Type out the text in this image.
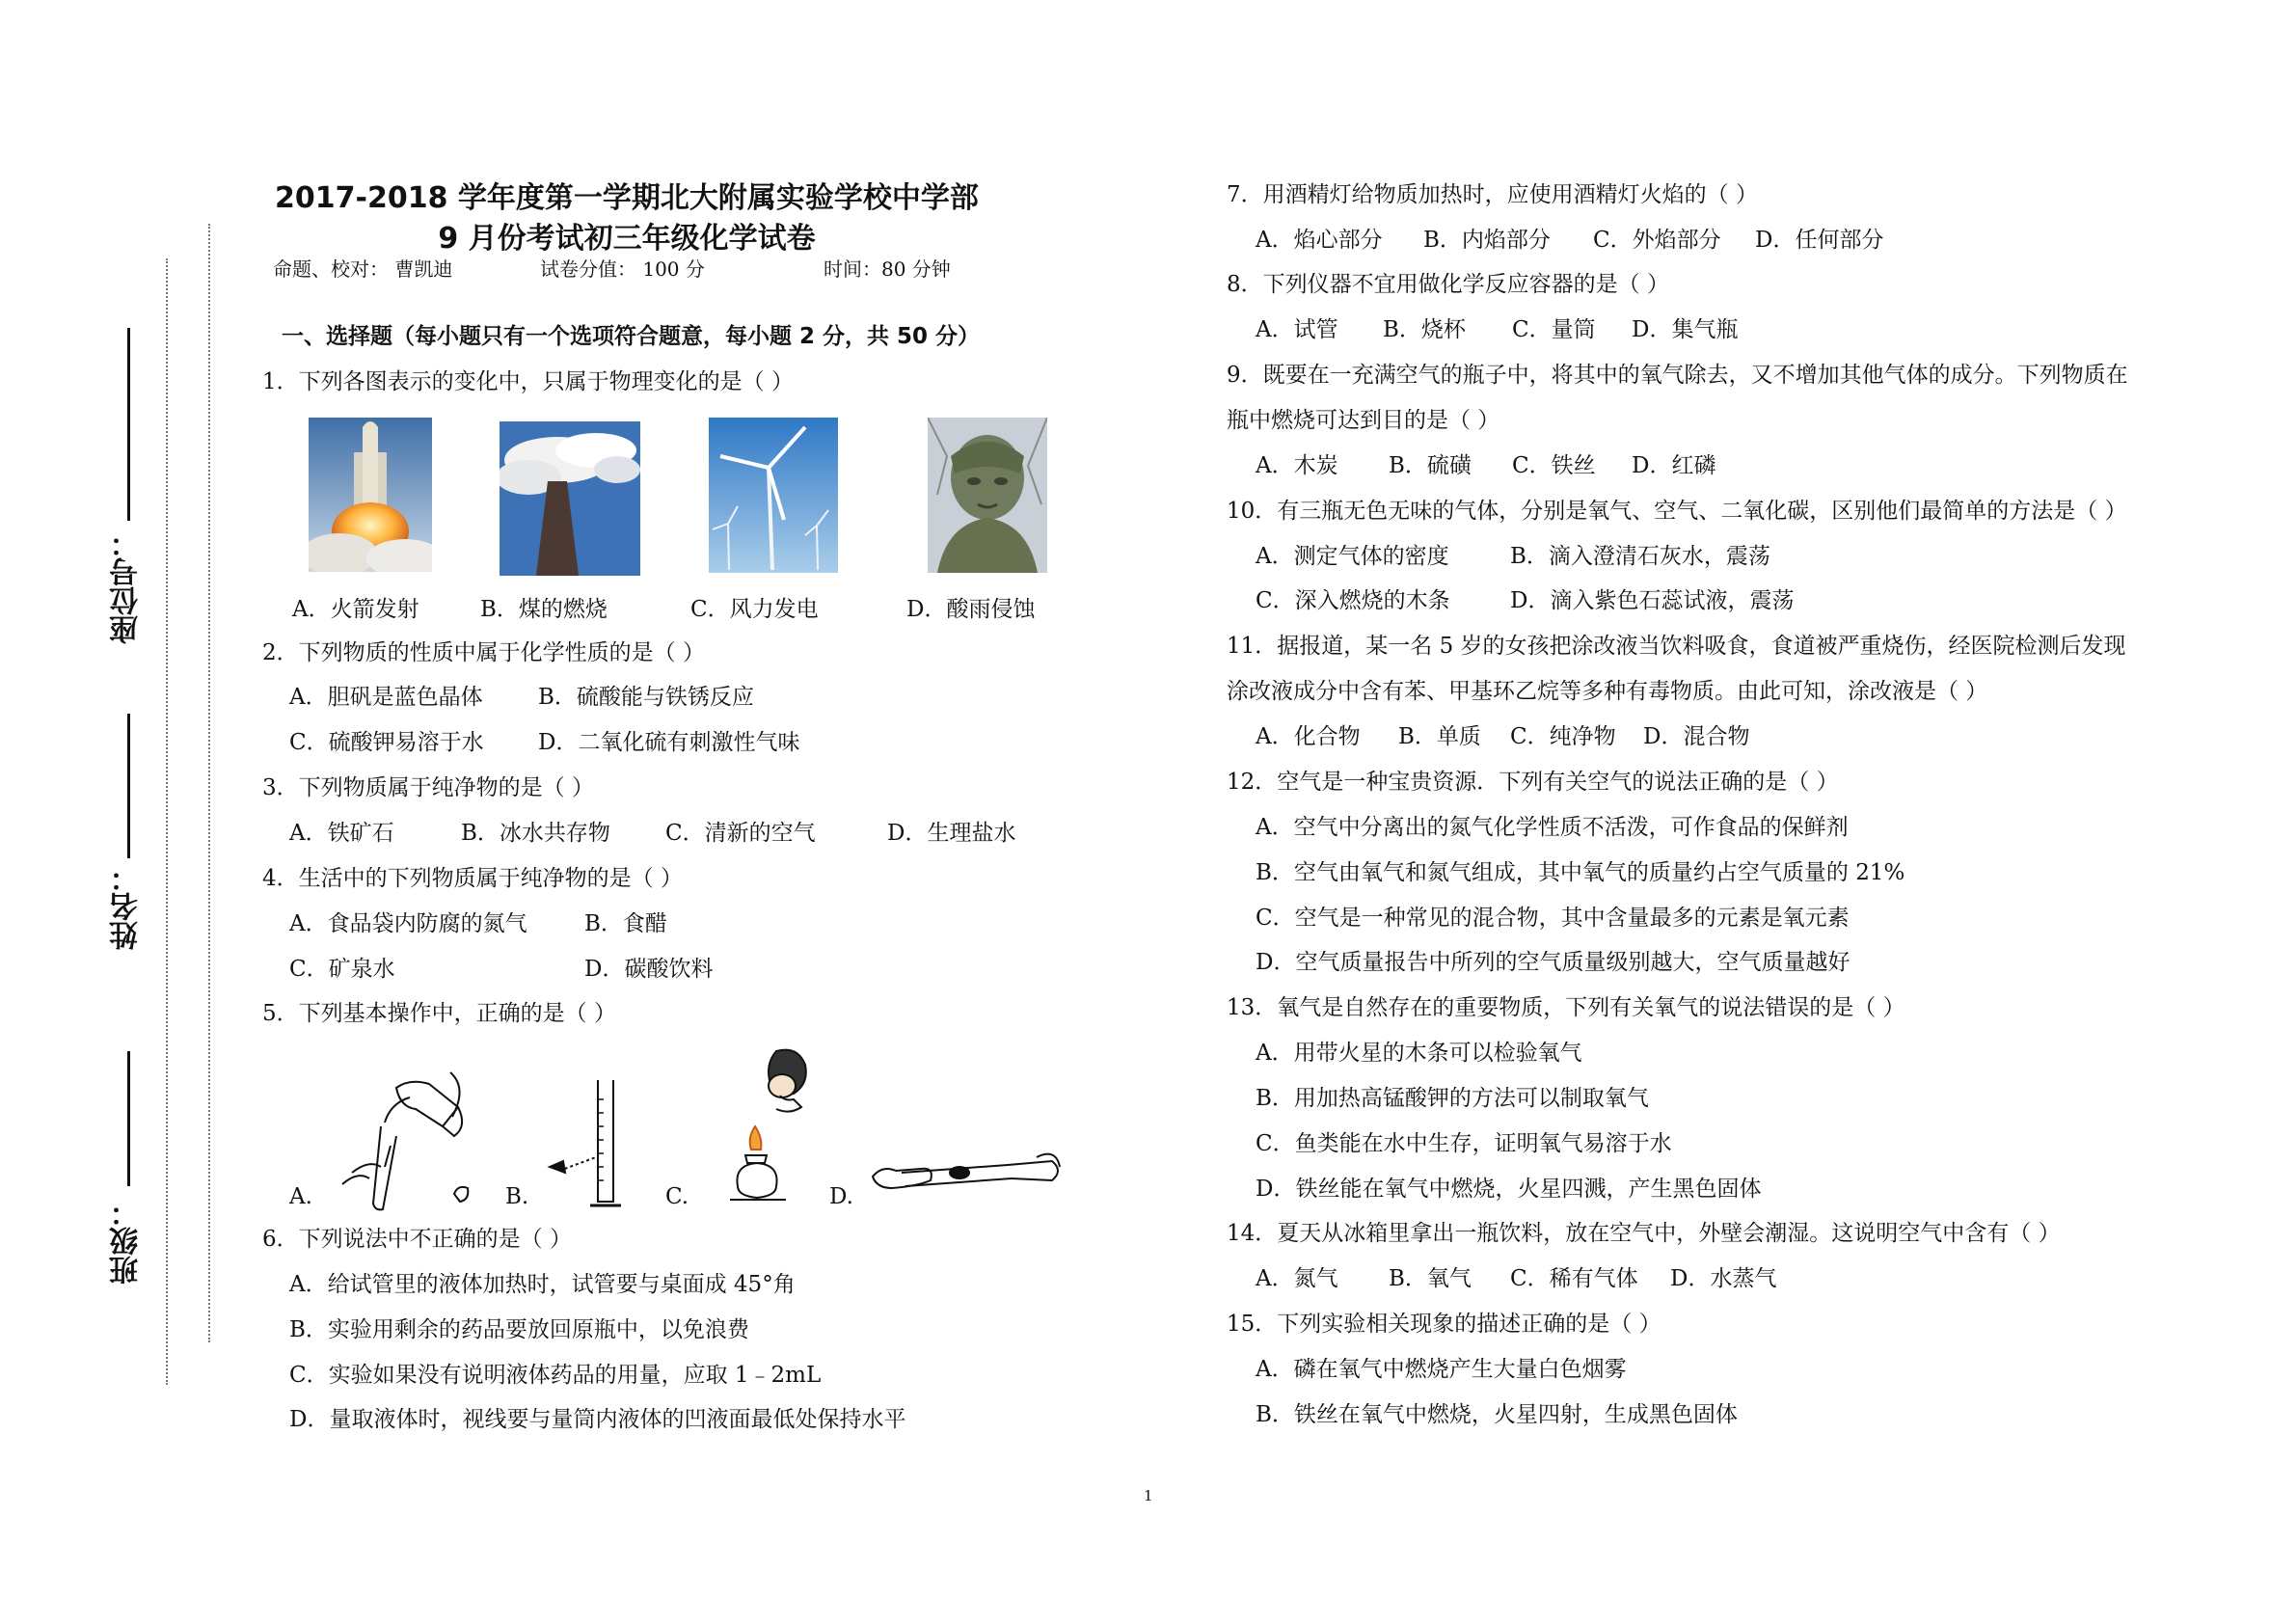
座位号：
姓名：
班级：
2017-2018 学年度第一学期北大附属实验学校中学部
9 月份考试初三年级化学试卷
命题、校对： 曹凯迪	试卷分值： 100 分	时间：80 分钟
一、选择题（每小题只有一个选项符合题意，每小题 2 分，共 50 分）
1．下列各图表示的变化中，只属于物理变化的是（ ）
A．火箭发射	B．煤的燃烧	C．风力发电	D．酸雨侵蚀
2．下列物质的性质中属于化学性质的是（ ）
A．胆矾是蓝色晶体 B．硫酸能与铁锈反应
C．硫酸钾易溶于水 D．二氧化硫有刺激性气味
3．下列物质属于纯净物的是（ ）
A．铁矿石	B．冰水共存物 C．清新的空气	D．生理盐水
4．生活中的下列物质属于纯净物的是（ ）
A．食品袋内防腐的氮气	B．食醋
C．矿泉水	D．碳酸饮料
5．下列基本操作中，正确的是（ ）
A.	B.	C.	D.
6．下列说法中不正确的是（ ）
A．给试管里的液体加热时，试管要与桌面成 45°角
B．实验用剩余的药品要放回原瓶中，以免浪费
C．实验如果没有说明液体药品的用量，应取 1﹣2mL
D．量取液体时，视线要与量筒内液体的凹液面最低处保持水平
7．用酒精灯给物质加热时，应使用酒精灯火焰的（ ）
A．焰心部分 B．内焰部分 C．外焰部分 D．任何部分
8．下列仪器不宜用做化学反应容器的是（ ）
A．试管 B．烧杯 C．量筒 D．集气瓶
9．既要在一充满空气的瓶子中，将其中的氧气除去，又不增加其他气体的成分。下列物质在
瓶中燃烧可达到目的是（ ）
A．木炭 B．硫磺 C．铁丝 D．红磷
10．有三瓶无色无味的气体，分别是氧气、空气、二氧化碳，区别他们最简单的方法是（ ）
A．测定气体的密度	B．滴入澄清石灰水，震荡
C．深入燃烧的木条	D．滴入紫色石蕊试液，震荡
11．据报道，某一名 5 岁的女孩把涂改液当饮料吸食，食道被严重烧伤，经医院检测后发现
涂改液成分中含有苯、甲基环乙烷等多种有毒物质。由此可知，涂改液是（ ）
A．化合物 B．单质 C．纯净物 D．混合物
12．空气是一种宝贵资源．下列有关空气的说法正确的是（ ）
A．空气中分离出的氮气化学性质不活泼，可作食品的保鲜剂
B．空气由氧气和氮气组成，其中氧气的质量约占空气质量的 21%
C．空气是一种常见的混合物，其中含量最多的元素是氧元素
D．空气质量报告中所列的空气质量级别越大，空气质量越好
13．氧气是自然存在的重要物质，下列有关氧气的说法错误的是（ ）
A．用带火星的木条可以检验氧气
B．用加热高锰酸钾的方法可以制取氧气
C．鱼类能在水中生存，证明氧气易溶于水
D．铁丝能在氧气中燃烧，火星四溅，产生黑色固体
14．夏天从冰箱里拿出一瓶饮料，放在空气中，外壁会潮湿。这说明空气中含有（ ）
A．氮气 B．氧气 C．稀有气体 D．水蒸气
15．下列实验相关现象的描述正确的是（ ）
A．磷在氧气中燃烧产生大量白色烟雾
B．铁丝在氧气中燃烧，火星四射，生成黑色固体
1
